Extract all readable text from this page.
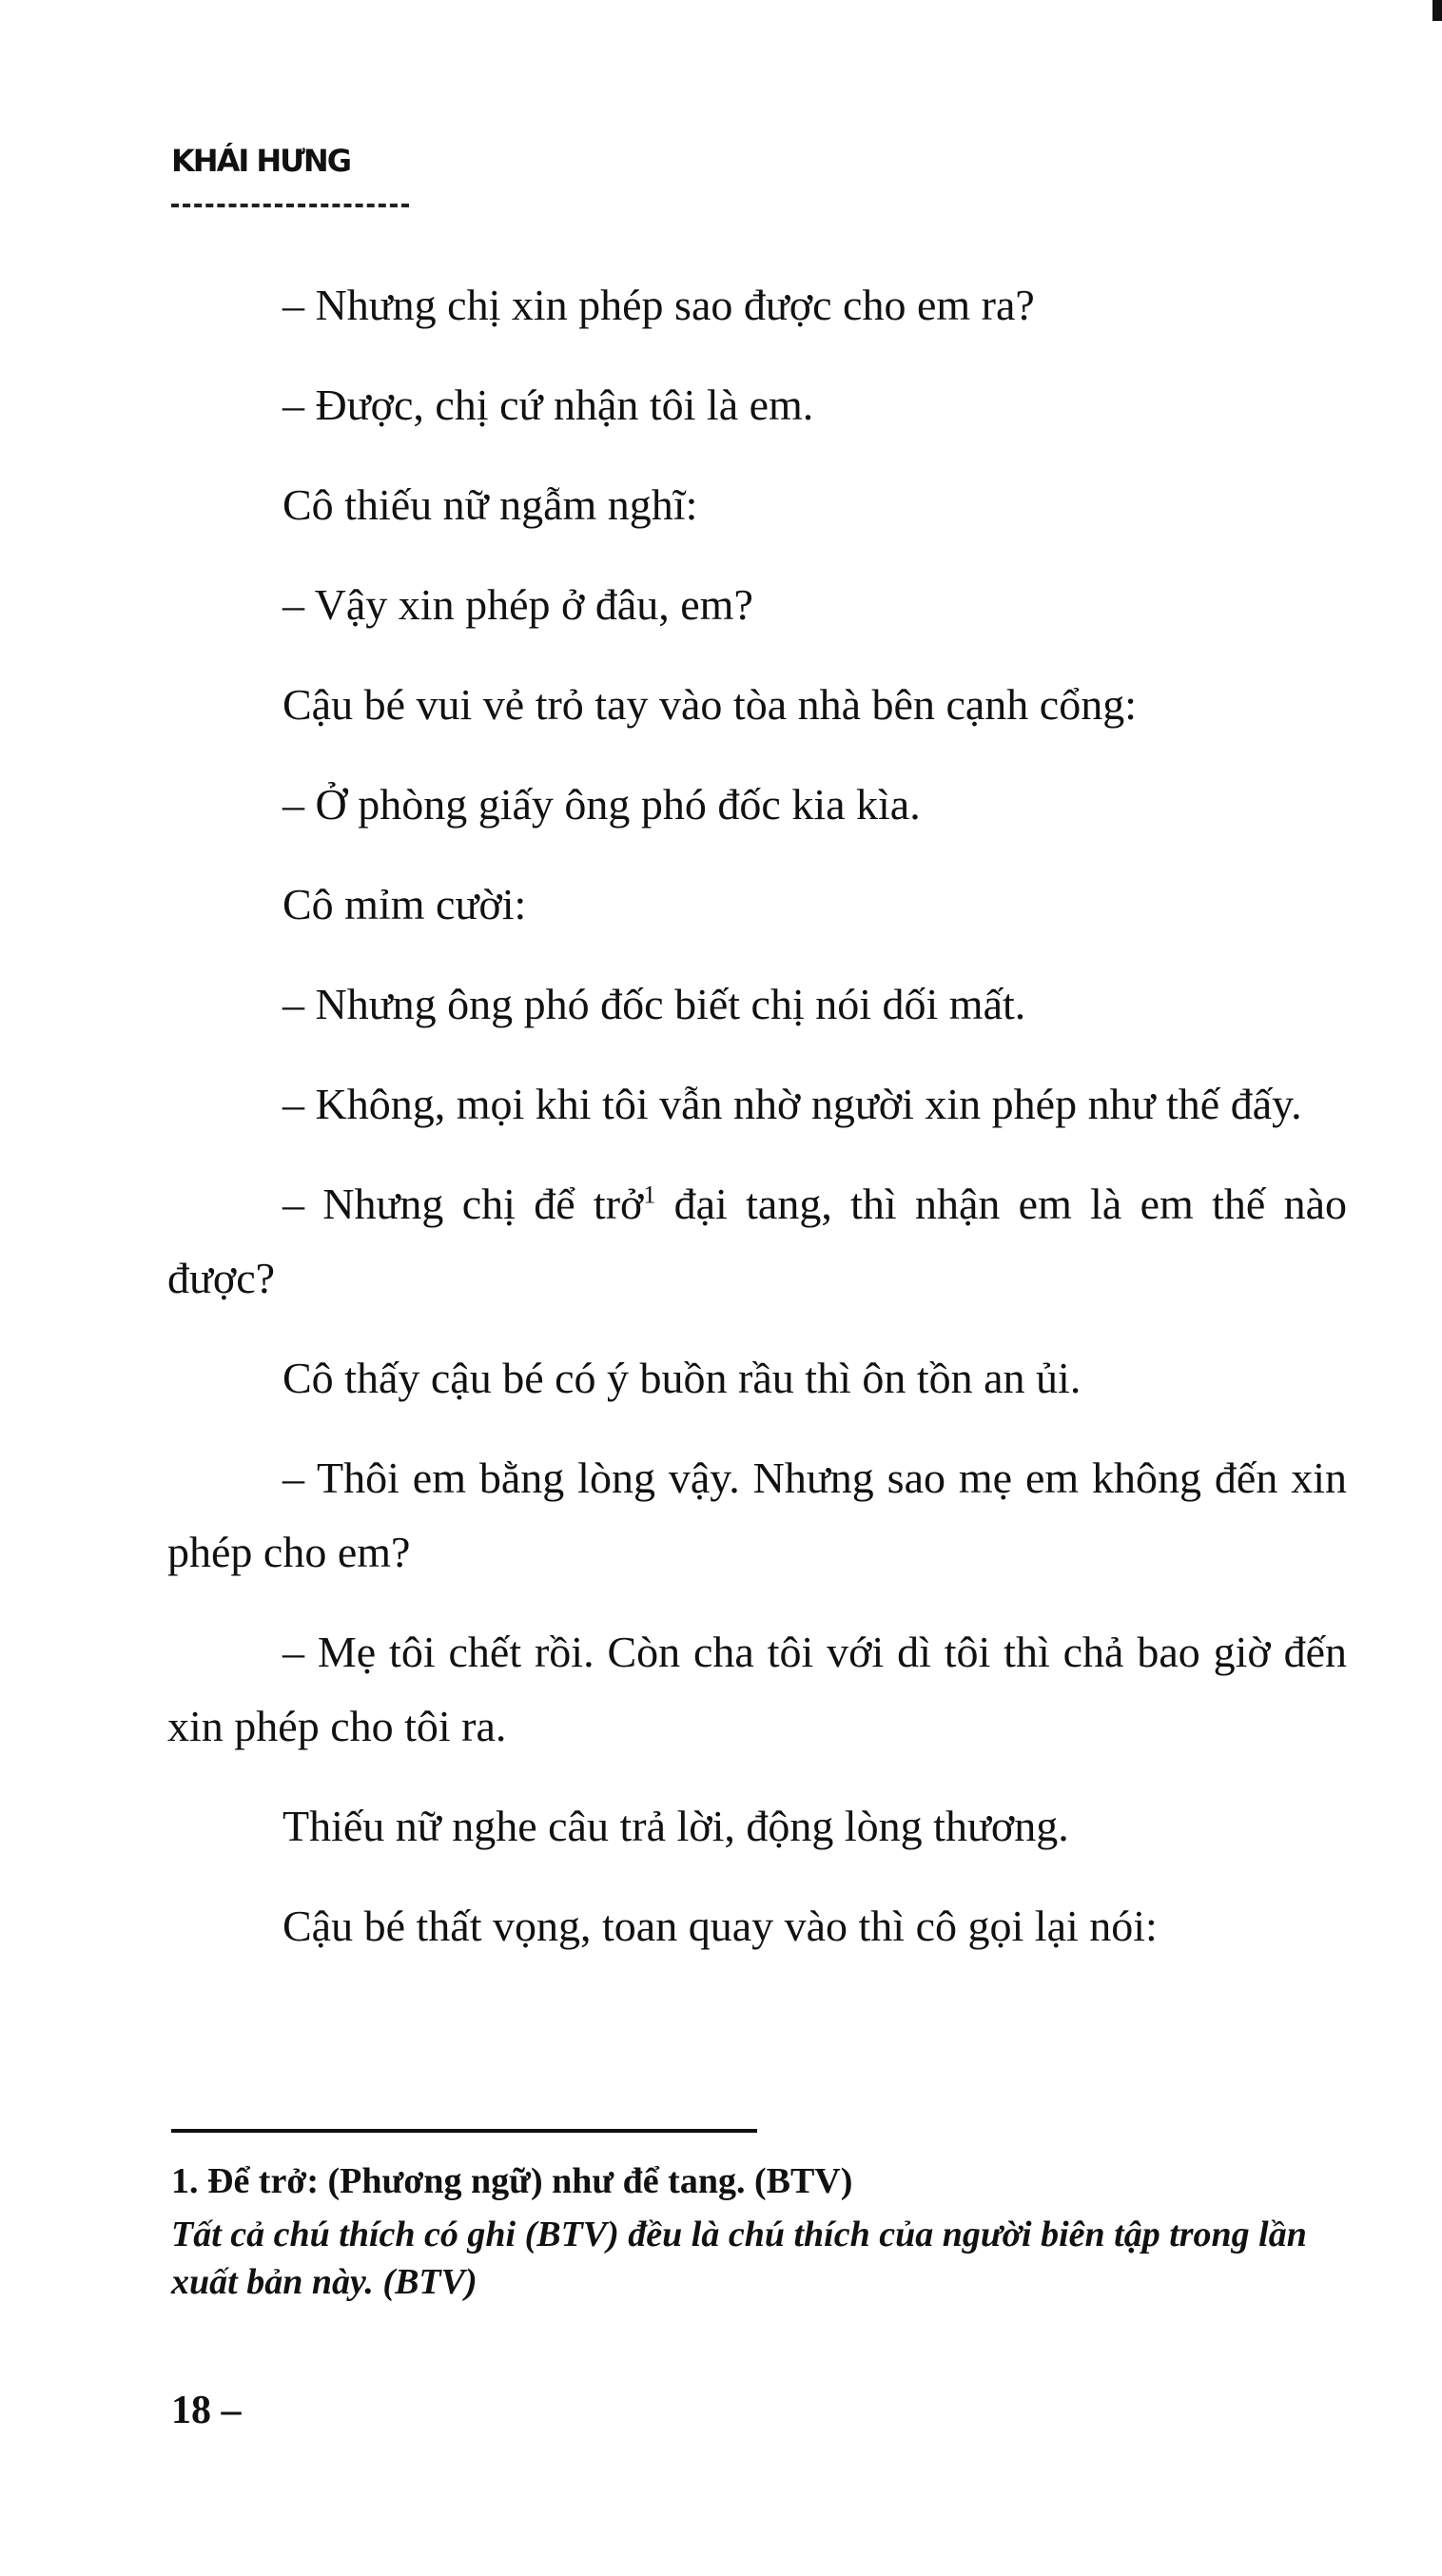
KHÁI HƯNG

– Nhưng chị xin phép sao được cho em ra?

– Được, chị cứ nhận tôi là em.

Cô thiếu nữ ngẫm nghĩ:

– Vậy xin phép ở đâu, em?

Cậu bé vui vẻ trỏ tay vào tòa nhà bên cạnh cổng:

– Ở phòng giấy ông phó đốc kia kìa.

Cô mỉm cười:

– Nhưng ông phó đốc biết chị nói dối mất.

– Không, mọi khi tôi vẫn nhờ người xin phép như thế đấy.

– Nhưng chị để trở$^1$ đại tang, thì nhận em là em thế nào được?

Cô thấy cậu bé có ý buồn rầu thì ôn tồn an ủi.

– Thôi em bằng lòng vậy. Nhưng sao mẹ em không đến xin phép cho em?

– Mẹ tôi chết rồi. Còn cha tôi với dì tôi thì chả bao giờ đến xin phép cho tôi ra.

Thiếu nữ nghe câu trả lời, động lòng thương.

Cậu bé thất vọng, toan quay vào thì cô gọi lại nói:

1. Để trở: (Phương ngữ) như để tang. (BTV)
Tất cả chú thích có ghi (BTV) đều là chú thích của người biên tập trong lần xuất bản này. (BTV)
18 –
